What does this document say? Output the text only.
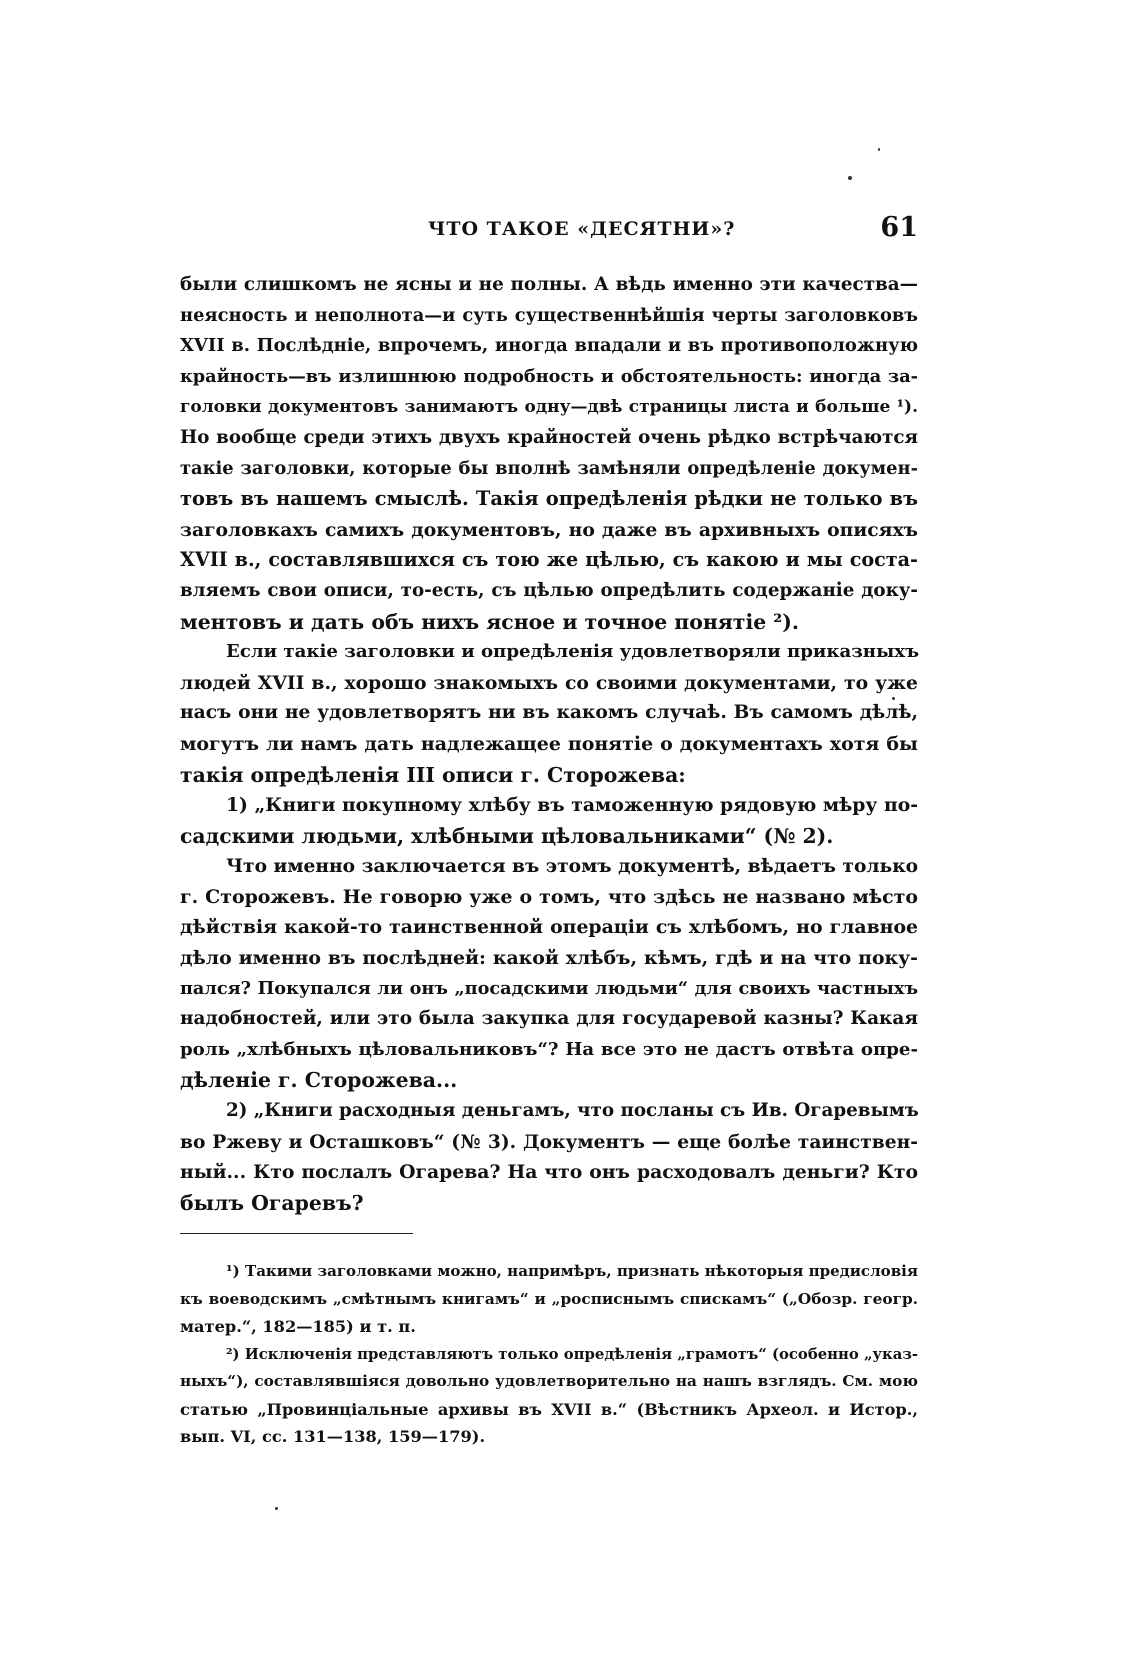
ЧТО ТАКОЕ «ДЕСЯТНИ»?	61
были слишкомъ не ясны и не полны. А вѣдь именно эти качества—
неясность и неполнота—и суть существеннѣйшія черты заголовковъ
XVII в. Послѣдніе, впрочемъ, иногда впадали и въ противоположную
крайность—въ излишнюю подробность и обстоятельность: иногда за-
головки документовъ занимаютъ одну—двѣ страницы листа и больше ¹).
Но вообще среди этихъ двухъ крайностей очень рѣдко встрѣчаются
такіе заголовки, которые бы вполнѣ замѣняли опредѣленіе докумен-
товъ въ нашемъ смыслѣ. Такія опредѣленія рѣдки не только въ
заголовкахъ самихъ документовъ, но даже въ архивныхъ описяхъ
XVII в., составлявшихся съ тою же цѣлью, съ какою и мы соста-
вляемъ свои описи, то-есть, съ цѣлью опредѣлить содержаніе доку-
ментовъ и дать объ нихъ ясное и точное понятіе ²).
Если такіе заголовки и опредѣленія удовлетворяли приказныхъ
людей XVII в., хорошо знакомыхъ со своими документами, то уже
насъ они не удовлетворятъ ни въ какомъ случаѣ. Въ самомъ дѣлѣ,
могутъ ли намъ дать надлежащее понятіе о документахъ хотя бы
такія опредѣленія III описи г. Сторожева:
1) „Книги покупному хлѣбу въ таможенную рядовую мѣру по-
садскими людьми, хлѣбными цѣловальниками“ (№ 2).
Что именно заключается въ этомъ документѣ, вѣдаетъ только
г. Сторожевъ. Не говорю уже о томъ, что здѣсь не названо мѣсто
дѣйствія какой-то таинственной операціи съ хлѣбомъ, но главное
дѣло именно въ послѣдней: какой хлѣбъ, кѣмъ, гдѣ и на что поку-
пался? Покупался ли онъ „посадскими людьми“ для своихъ частныхъ
надобностей, или это была закупка для государевой казны? Какая
роль „хлѣбныхъ цѣловальниковъ“? На все это не дастъ отвѣта опре-
дѣленіе г. Сторожева...
2) „Книги расходныя деньгамъ, что посланы съ Ив. Огаревымъ
во Ржеву и Осташковъ“ (№ 3). Документъ — еще болѣе таинствен-
ный... Кто послалъ Огарева? На что онъ расходовалъ деньги? Кто
былъ Огаревъ?
¹) Такими заголовками можно, напримѣръ, признать нѣкоторыя предисловія
къ воеводскимъ „смѣтнымъ книгамъ“ и „росписнымъ спискамъ“ („Обозр. геогр.
матер.“, 182—185) и т. п.
²) Исключенія представляютъ только опредѣленія „грамотъ“ (особенно „указ-
ныхъ“), составлявшіяся довольно удовлетворительно на нашъ взглядъ. См. мою
статью „Провинціальные архивы въ XVII в.“ (Вѣстникъ Археол. и Истор.,
вып. VI, сс. 131—138, 159—179).
